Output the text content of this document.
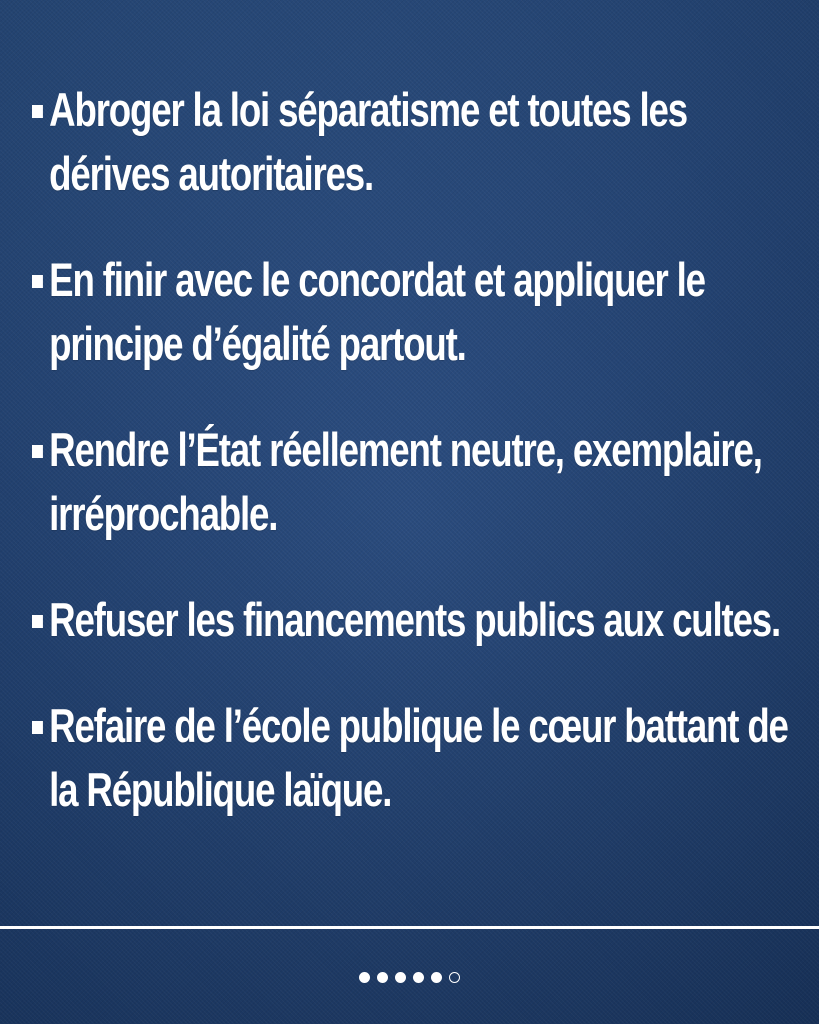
Abroger la loi séparatisme et toutes les dérives autoritaires.
En finir avec le concordat et appliquer le principe d’égalité partout.
Rendre l’État réellement neutre, exemplaire, irréprochable.
Refuser les financements publics aux cultes.
Refaire de l’école publique le cœur battant de la République laïque.
